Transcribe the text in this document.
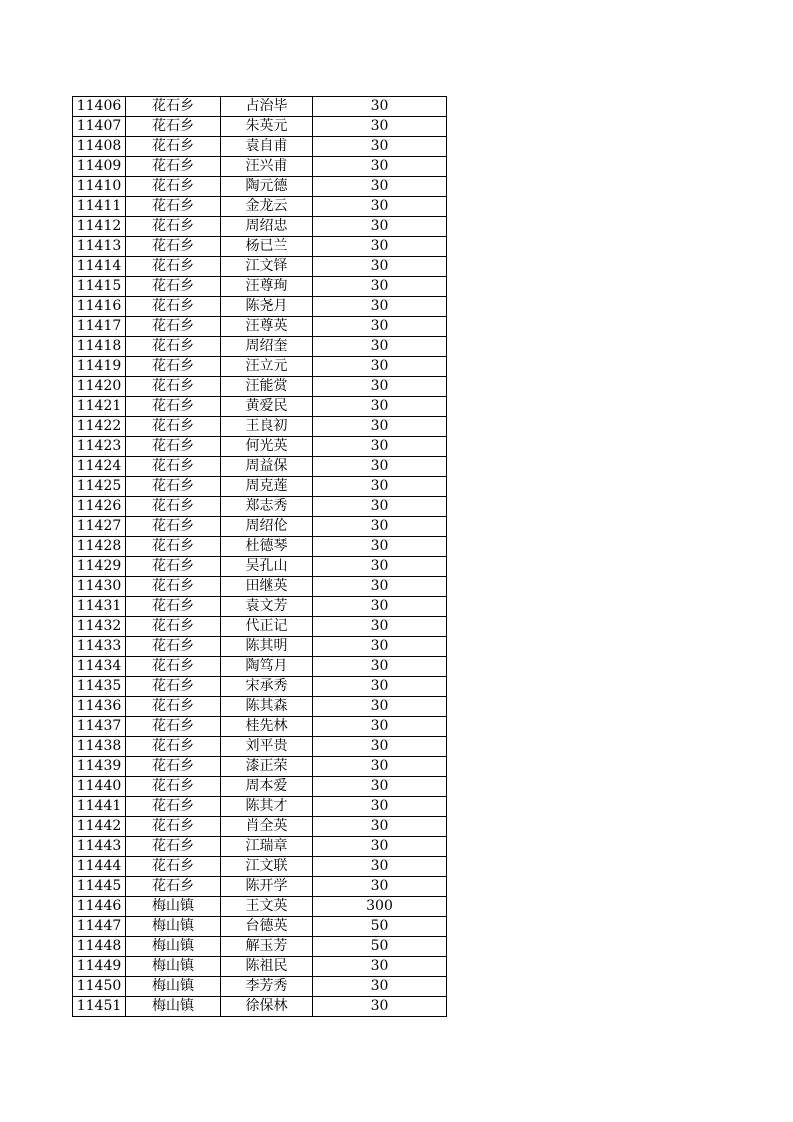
11406	花石乡	占治毕	30
11407	花石乡	朱英元	30
11408	花石乡	袁自甫	30
11409	花石乡	汪兴甫	30
11410	花石乡	陶元德	30
11411	花石乡	金龙云	30
11412	花石乡	周绍忠	30
11413	花石乡	杨已兰	30
11414	花石乡	江文铎	30
11415	花石乡	汪尊珣	30
11416	花石乡	陈尧月	30
11417	花石乡	汪尊英	30
11418	花石乡	周绍奎	30
11419	花石乡	汪立元	30
11420	花石乡	汪能赏	30
11421	花石乡	黄爱民	30
11422	花石乡	王良初	30
11423	花石乡	何光英	30
11424	花石乡	周益保	30
11425	花石乡	周克莲	30
11426	花石乡	郑志秀	30
11427	花石乡	周绍伦	30
11428	花石乡	杜德琴	30
11429	花石乡	吴孔山	30
11430	花石乡	田继英	30
11431	花石乡	袁文芳	30
11432	花石乡	代正记	30
11433	花石乡	陈其明	30
11434	花石乡	陶笃月	30
11435	花石乡	宋承秀	30
11436	花石乡	陈其森	30
11437	花石乡	桂先林	30
11438	花石乡	刘平贵	30
11439	花石乡	漆正荣	30
11440	花石乡	周本爱	30
11441	花石乡	陈其才	30
11442	花石乡	肖全英	30
11443	花石乡	江瑞章	30
11444	花石乡	江文联	30
11445	花石乡	陈开学	30
11446	梅山镇	王文英	300
11447	梅山镇	台德英	50
11448	梅山镇	解玉芳	50
11449	梅山镇	陈祖民	30
11450	梅山镇	李芳秀	30
11451	梅山镇	徐保林	30
